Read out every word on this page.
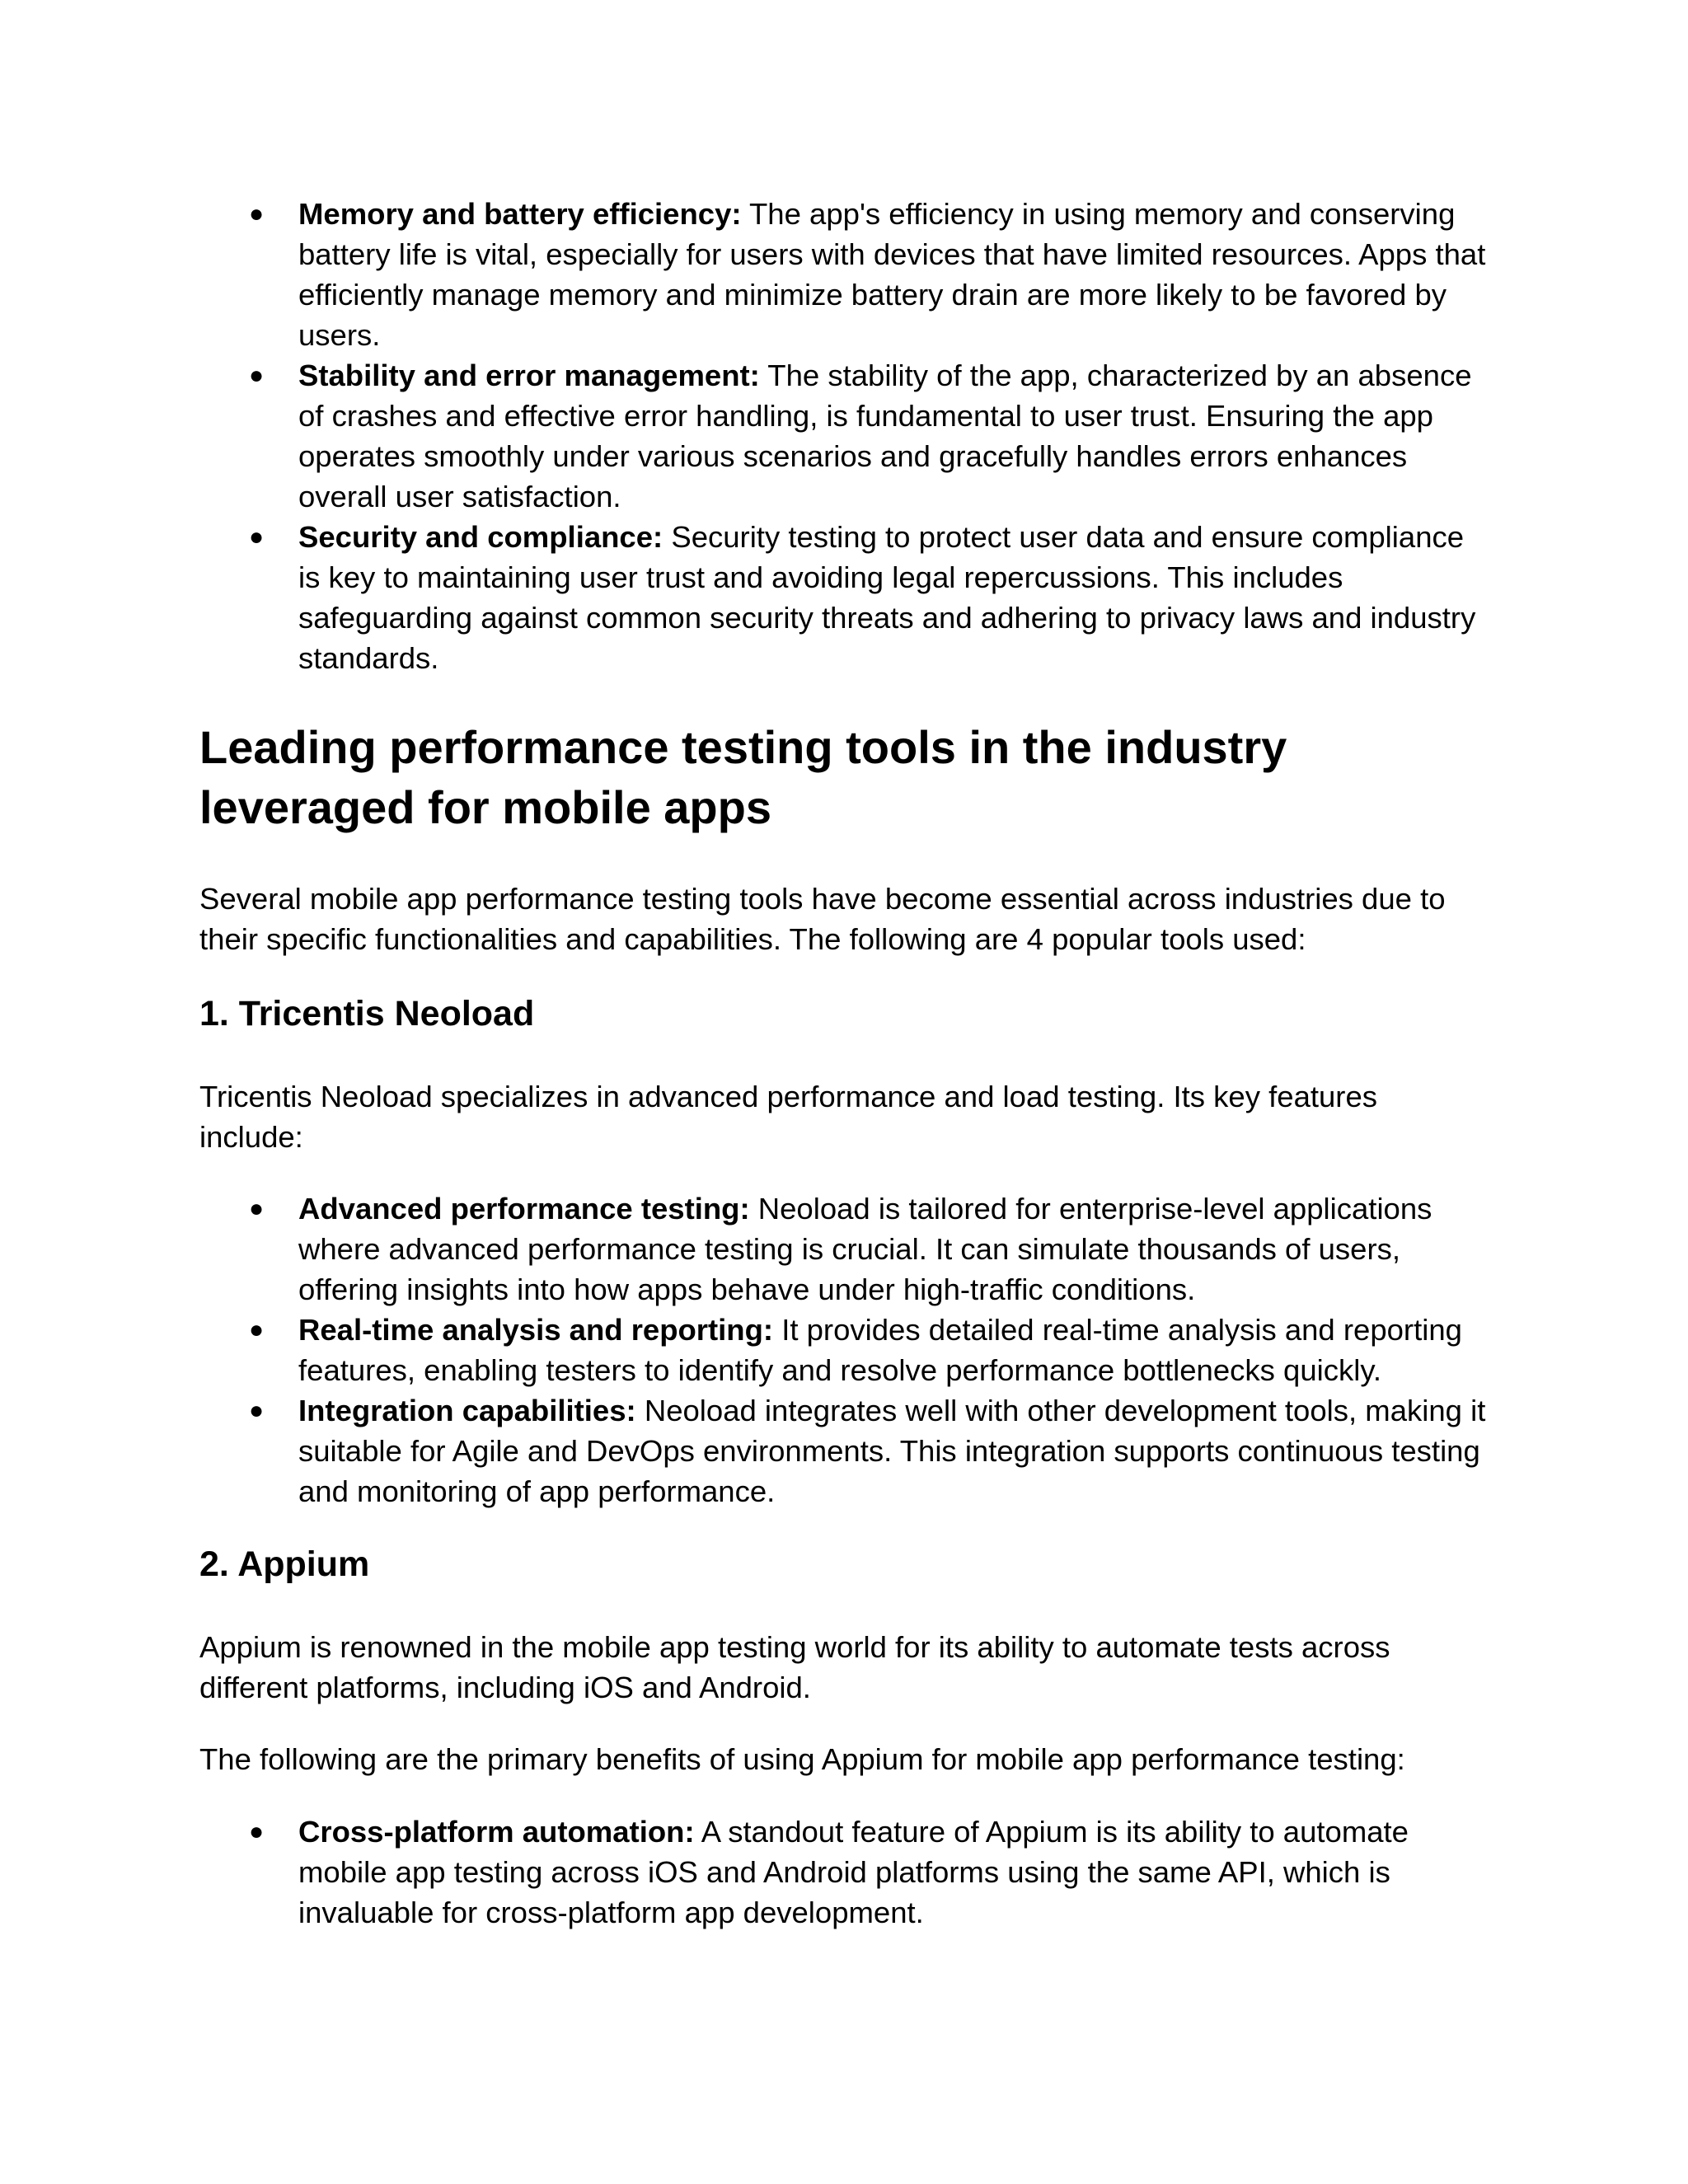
● Memory and battery efficiency: The app's efficiency in using memory and conserving battery life is vital, especially for users with devices that have limited resources. Apps that efficiently manage memory and minimize battery drain are more likely to be favored by users.
● Stability and error management: The stability of the app, characterized by an absence of crashes and effective error handling, is fundamental to user trust. Ensuring the app operates smoothly under various scenarios and gracefully handles errors enhances overall user satisfaction.
● Security and compliance: Security testing to protect user data and ensure compliance is key to maintaining user trust and avoiding legal repercussions. This includes safeguarding against common security threats and adhering to privacy laws and industry standards.
Leading performance testing tools in the industry leveraged for mobile apps

Several mobile app performance testing tools have become essential across industries due to their specific functionalities and capabilities. The following are 4 popular tools used:

1. Tricentis Neoload

Tricentis Neoload specializes in advanced performance and load testing. Its key features include:

● Advanced performance testing: Neoload is tailored for enterprise-level applications where advanced performance testing is crucial. It can simulate thousands of users, offering insights into how apps behave under high-traffic conditions.
● Real-time analysis and reporting: It provides detailed real-time analysis and reporting features, enabling testers to identify and resolve performance bottlenecks quickly.
● Integration capabilities: Neoload integrates well with other development tools, making it suitable for Agile and DevOps environments. This integration supports continuous testing and monitoring of app performance.
2. Appium

Appium is renowned in the mobile app testing world for its ability to automate tests across different platforms, including iOS and Android.

The following are the primary benefits of using Appium for mobile app performance testing:

● Cross-platform automation: A standout feature of Appium is its ability to automate mobile app testing across iOS and Android platforms using the same API, which is invaluable for cross-platform app development.
